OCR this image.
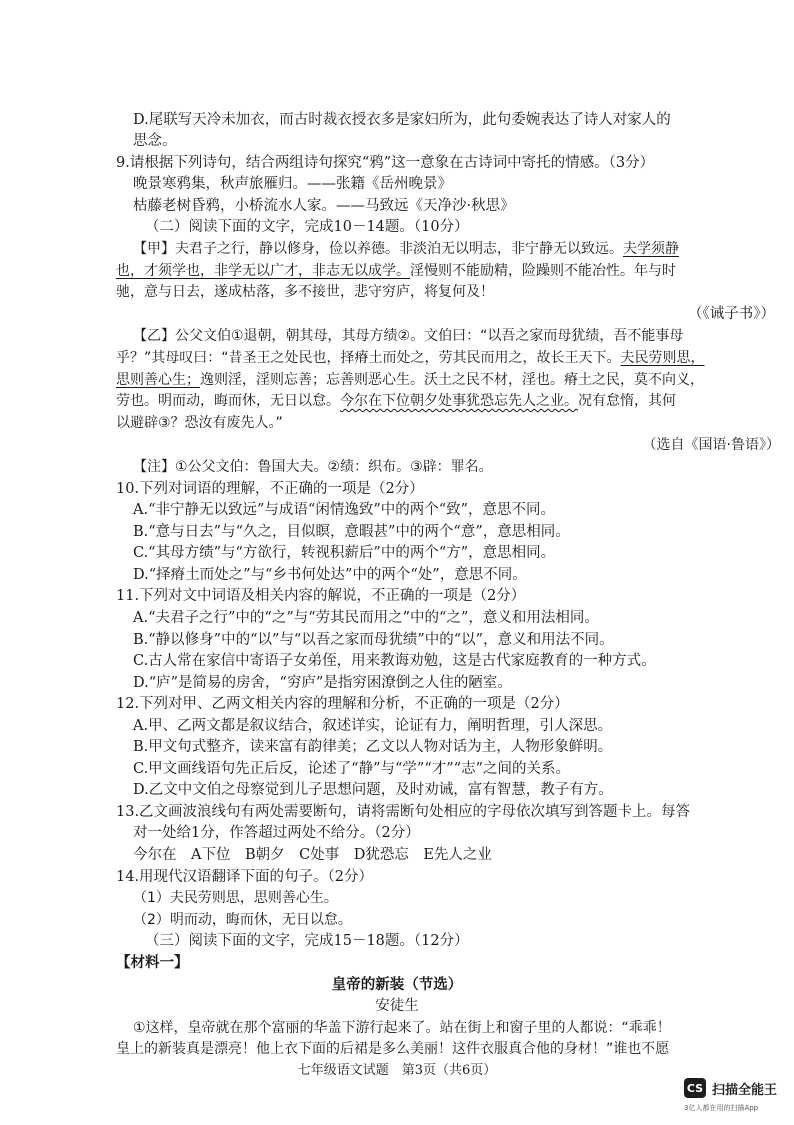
D.尾联写天冷未加衣，而古时裁衣授衣多是家妇所为，此句委婉表达了诗人对家人的
思念。
9.请根据下列诗句，结合两组诗句探究“鸦”这一意象在古诗词中寄托的情感。（3分）
晚景寒鸦集，秋声旅雁归。——张籍《岳州晚景》
枯藤老树昏鸦，小桥流水人家。——马致远《天净沙·秋思》
（二）阅读下面的文字，完成10－14题。（10分）
【甲】夫君子之行，静以修身，俭以养德。非淡泊无以明志，非宁静无以致远。夫学须静
也，才须学也，非学无以广才，非志无以成学。淫慢则不能励精，险躁则不能冶性。年与时
驰，意与日去，遂成枯落，多不接世，悲守穷庐，将复何及！
（《诫子书》）
【乙】公父文伯①退朝，朝其母，其母方绩②。文伯曰：“以吾之家而母犹绩，吾不能事母
乎？”其母叹曰：“昔圣王之处民也，择瘠土而处之，劳其民而用之，故长王天下。夫民劳则思，
思则善心生；逸则淫，淫则忘善；忘善则恶心生。沃土之民不材，淫也。瘠土之民，莫不向义，
劳也。明而动，晦而休，无日以怠。今尔在下位朝夕处事犹恐忘先人之业。况有怠惰，其何
以避辟③？恐汝有废先人。”
（选自《国语·鲁语》）
【注】①公父文伯：鲁国大夫。②绩：织布。③辟：罪名。
10.下列对词语的理解，不正确的一项是（2分）
A.“非宁静无以致远”与成语“闲情逸致”中的两个“致”，意思不同。
B.“意与日去”与“久之，目似瞑，意暇甚”中的两个“意”，意思相同。
C.“其母方绩”与“方欲行，转视积薪后”中的两个“方”，意思相同。
D.“择瘠土而处之”与“乡书何处达”中的两个“处”，意思不同。
11.下列对文中词语及相关内容的解说，不正确的一项是（2分）
A.“夫君子之行”中的“之”与“劳其民而用之”中的“之”，意义和用法相同。
B.“静以修身”中的“以”与“以吾之家而母犹绩”中的“以”，意义和用法不同。
C.古人常在家信中寄语子女弟侄，用来教诲劝勉，这是古代家庭教育的一种方式。
D.“庐”是简易的房舍，“穷庐”是指穷困潦倒之人住的陋室。
12.下列对甲、乙两文相关内容的理解和分析，不正确的一项是（2分）
A.甲、乙两文都是叙议结合，叙述详实，论证有力，阐明哲理，引人深思。
B.甲文句式整齐，读来富有韵律美；乙文以人物对话为主，人物形象鲜明。
C.甲文画线语句先正后反，论述了“静”与“学”“才”“志”之间的关系。
D.乙文中文伯之母察觉到儿子思想问题，及时劝诫，富有智慧，教子有方。
13.乙文画波浪线句有两处需要断句，请将需断句处相应的字母依次填写到答题卡上。每答
对一处给1分，作答超过两处不给分。（2分）
今尔在　A下位　B朝夕　C处事　D犹恐忘　E先人之业
14.用现代汉语翻译下面的句子。（2分）
（1）夫民劳则思，思则善心生。
（2）明而动，晦而休，无日以怠。
（三）阅读下面的文字，完成15－18题。（12分）
【材料一】
皇帝的新装（节选）
安徒生
①这样，皇帝就在那个富丽的华盖下游行起来了。站在街上和窗子里的人都说：“乖乖！
皇上的新装真是漂亮！他上衣下面的后裙是多么美丽！这件衣服真合他的身材！”谁也不愿
七年级语文试题　第3页（共6页）
CS 扫描全能王
3亿人都在用的扫描App
